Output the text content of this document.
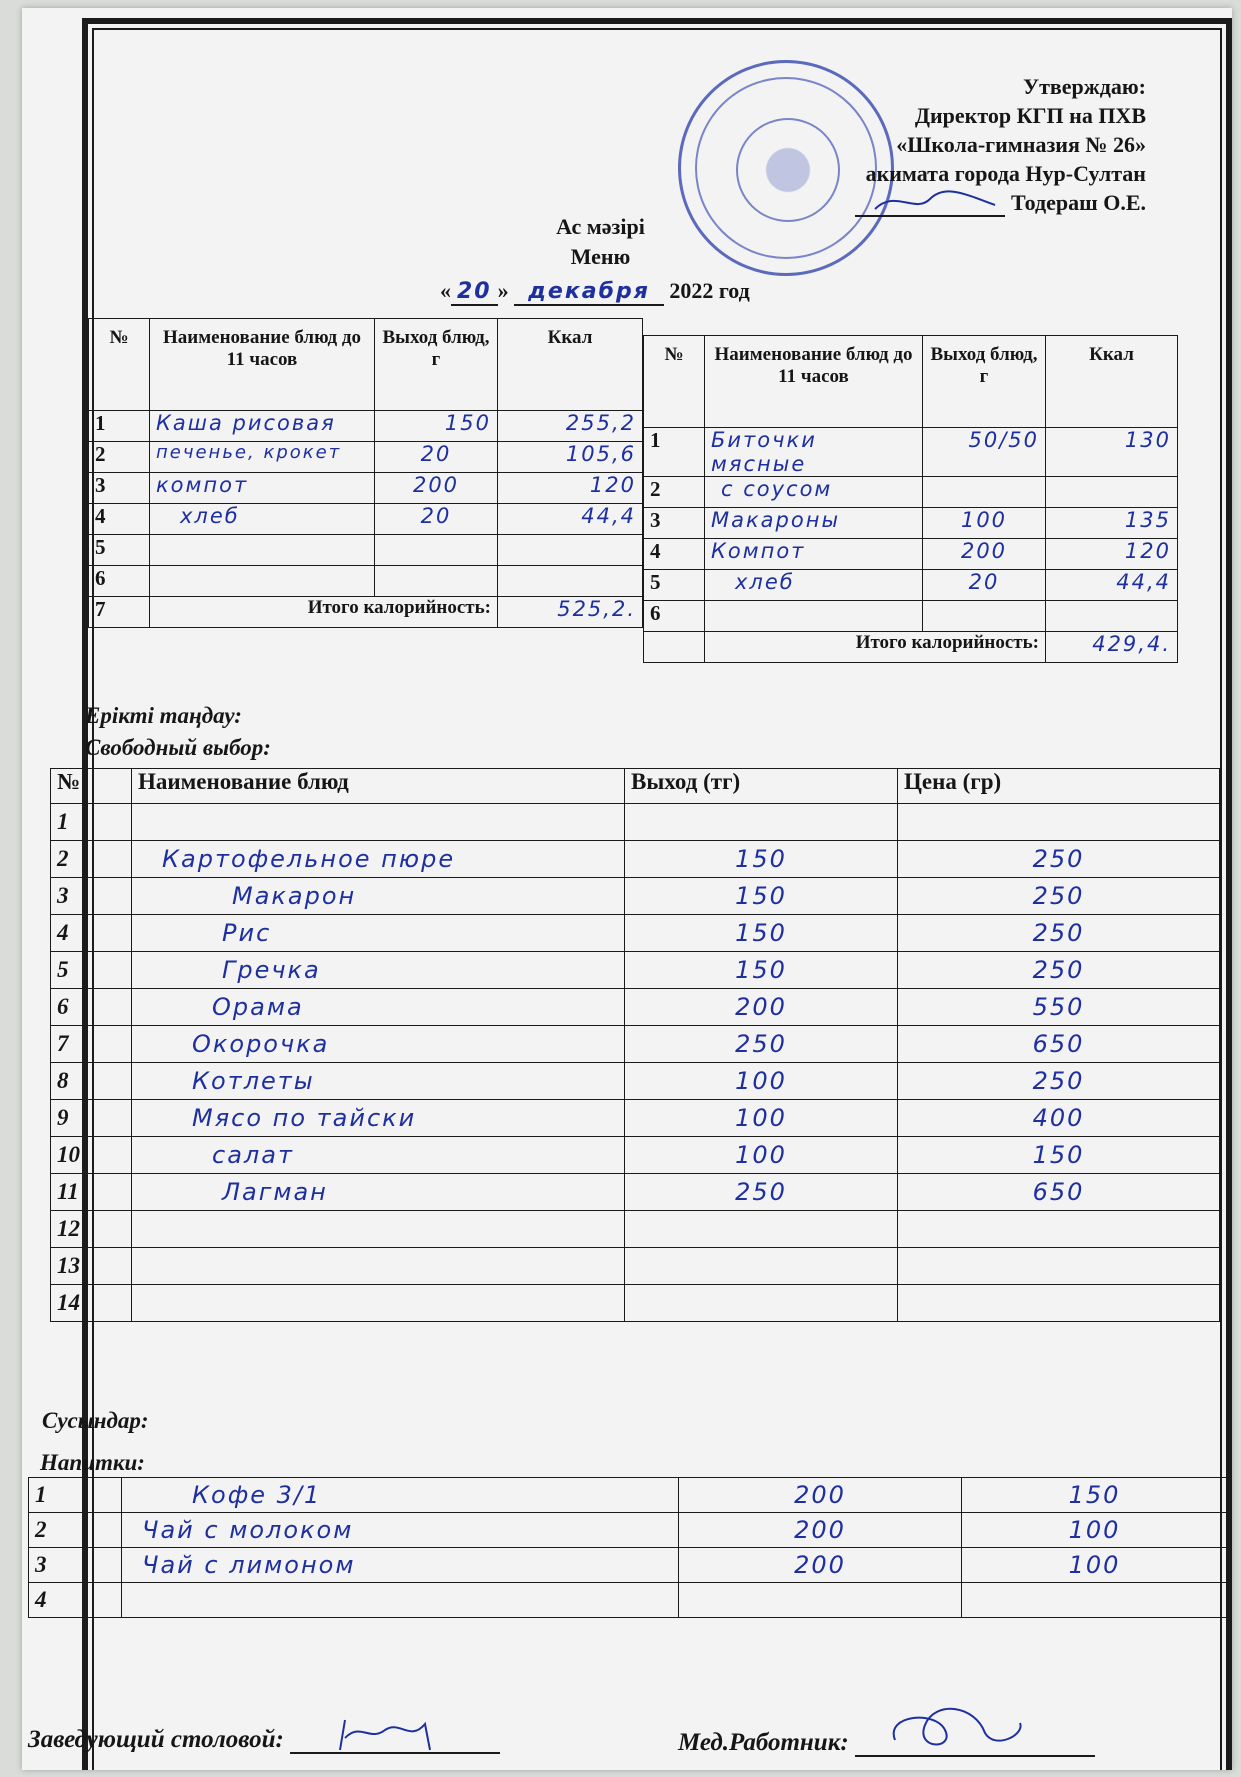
Утверждаю:
Директор КГП на ПХВ
«Школа-гимназия № 26»
акимата города Нур-Султан
Тодераш О.Е.
Ас мәзірі
Меню
« 20 » декабря 2022 год
№	Наименование блюд до 11 часов	Выход блюд, г	Ккал
1	Каша рисовая	150	255,2
2	печенье, крокет	20	105,6
3	компот	200	120
4	хлеб	20	44,4
5			
6			
7	Итого калорийность:		525,2.
№	Наименование блюд до 11 часов	Выход блюд, г	Ккал
1	Биточки мясные	50/50	130
2	с соусом		
3	Макароны	100	135
4	Компот	200	120
5	хлеб	20	44,4
6			
	Итого калорийность:		429,4.
Ерікті таңдау:
Свободный выбор:
№	Наименование блюд	Выход (тг)	Цена (гр)
1			
2	Картофельное пюре	150	250
3	Макарон	150	250
4	Рис	150	250
5	Гречка	150	250
6	Орама	200	550
7	Окорочка	250	650
8	Котлеты	100	250
9	Мясо по тайски	100	400
10	салат	100	150
11	Лагман	250	650
12			
13			
14			
Сусындар:
Напитки:
1	Кофе 3/1	200	150
2	Чай с молоком	200	100
3	Чай с лимоном	200	100
4			
Заведующий столовой:	Мед.Работник:
